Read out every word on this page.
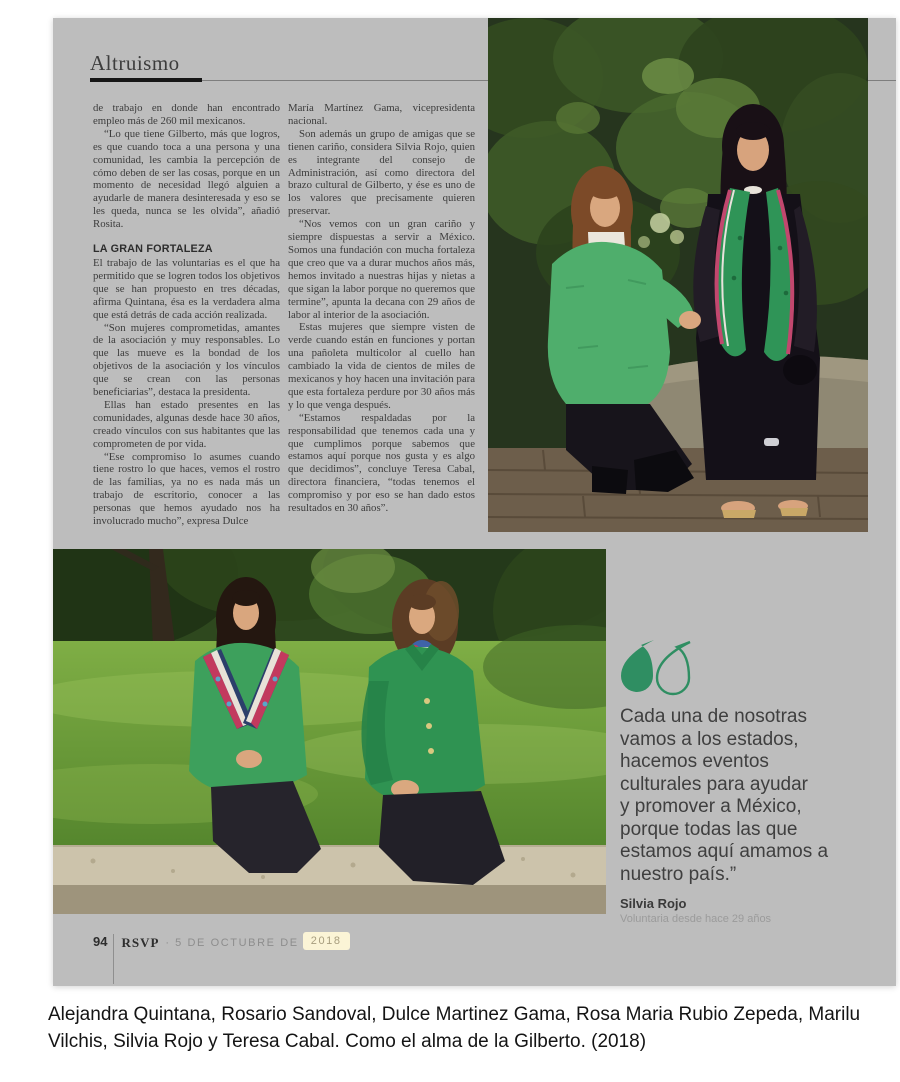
Altruismo

de trabajo en donde han encontrado empleo más de 260 mil mexicanos.

“Lo que tiene Gilberto, más que logros, es que cuando toca a una persona y una comunidad, les cambia la percepción de cómo deben de ser las cosas, porque en un momento de necesidad llegó alguien a ayudarle de manera desinteresada y eso se les queda, nunca se les olvida”, añadió Rosita.

LA GRAN FORTALEZA

El trabajo de las voluntarias es el que ha permitido que se logren todos los objetivos que se han propuesto en tres décadas, afirma Quintana, ésa es la verdadera alma que está detrás de cada acción realizada.

“Son mujeres comprometidas, amantes de la asociación y muy responsables. Lo que las mueve es la bondad de los objetivos de la asociación y los vínculos que se crean con las personas beneficiarias”, destaca la presidenta.

Ellas han estado presentes en las comunidades, algunas desde hace 30 años, creado vínculos con sus habitantes que las comprometen de por vida.

“Ese compromiso lo asumes cuando tiene rostro lo que haces, vemos el rostro de las familias, ya no es nada más un trabajo de escritorio, conocer a las personas que hemos ayudado nos ha involucrado mucho”, expresa Dulce

María Martínez Gama, vicepresidenta nacional.

Son además un grupo de amigas que se tienen cariño, considera Silvia Rojo, quien es integrante del consejo de Administración, así como directora del brazo cultural de Gilberto, y ése es uno de los valores que precisamente quieren preservar.

“Nos vemos con un gran cariño y siempre dispuestas a servir a México. Somos una fundación con mucha fortaleza que creo que va a durar muchos años más, hemos invitado a nuestras hijas y nietas a que sigan la labor porque no queremos que termine”, apunta la decana con 29 años de labor al interior de la asociación.

Estas mujeres que siempre visten de verde cuando están en funciones y portan una pañoleta multicolor al cuello han cambiado la vida de cientos de miles de mexicanos y hoy hacen una invitación para que esta fortaleza perdure por 30 años más y lo que venga después.

“Estamos respaldadas por la responsabilidad que tenemos cada una y que cumplimos porque sabemos que estamos aquí porque nos gusta y es algo que decidimos”, concluye Teresa Cabal, directora financiera, “todas tenemos el compromiso y por eso se han dado estos resultados en 30 años”.

Cada una de nosotras
vamos a los estados,
hacemos eventos
culturales para ayudar
y promover a México,
porque todas las que
estamos aquí amamos a
nuestro país.”
Silvia Rojo
Voluntaria desde hace 29 años
94 RSVP · 5 DE OCTUBRE DE	2018
Alejandra Quintana, Rosario Sandoval, Dulce Martinez Gama, Rosa Maria Rubio Zepeda, Marilu Vilchis, Silvia Rojo y Teresa Cabal. Como el alma de la Gilberto. (2018)
